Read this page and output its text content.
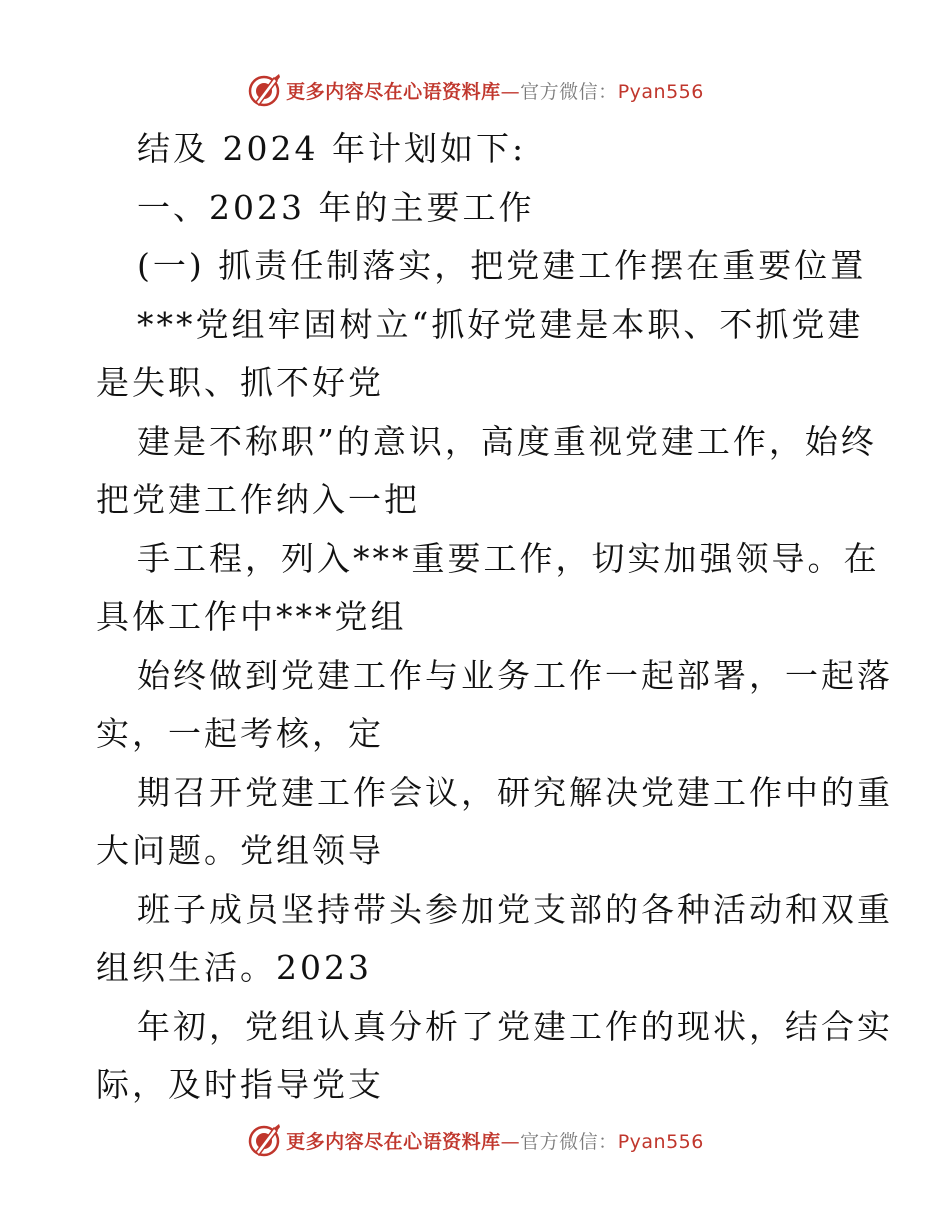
更多内容尽在心语资料库—官方微信：Pyan556
结及 2024 年计划如下:
一、2023 年的主要工作
(一) 抓责任制落实，把党建工作摆在重要位置
***党组牢固树立“抓好党建是本职、不抓党建
是失职、抓不好党
建是不称职”的意识，高度重视党建工作，始终
把党建工作纳入一把
手工程，列入***重要工作，切实加强领导。在
具体工作中***党组
始终做到党建工作与业务工作一起部署，一起落
实，一起考核，定
期召开党建工作会议，研究解决党建工作中的重
大问题。党组领导
班子成员坚持带头参加党支部的各种活动和双重
组织生活。2023
年初，党组认真分析了党建工作的现状，结合实
际，及时指导党支
更多内容尽在心语资料库—官方微信：Pyan556
